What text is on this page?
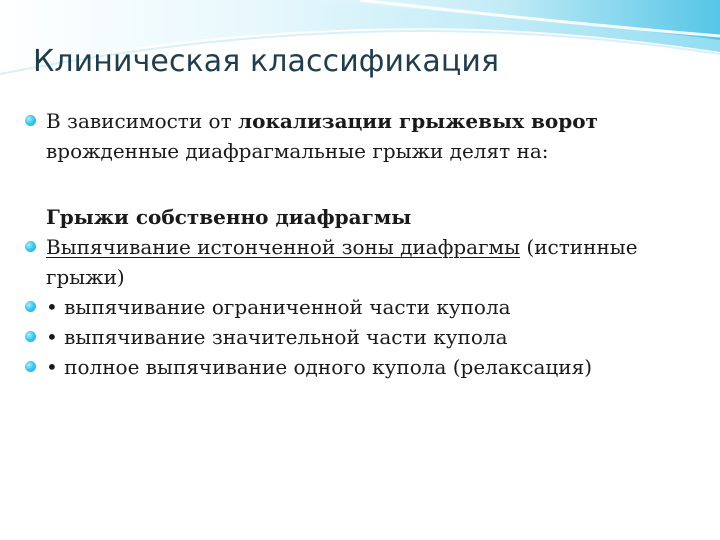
Клиническая классификация

В зависимости от локализации грыжевых ворот врожденные диафрагмальные грыжи делят на:

Грыжи собственно диафрагмы

Выпячивание истонченной зоны диафрагмы (истинные грыжи)

• выпячивание ограниченной части купола

• выпячивание значительной части купола

• полное выпячивание одного купола (релаксация)
